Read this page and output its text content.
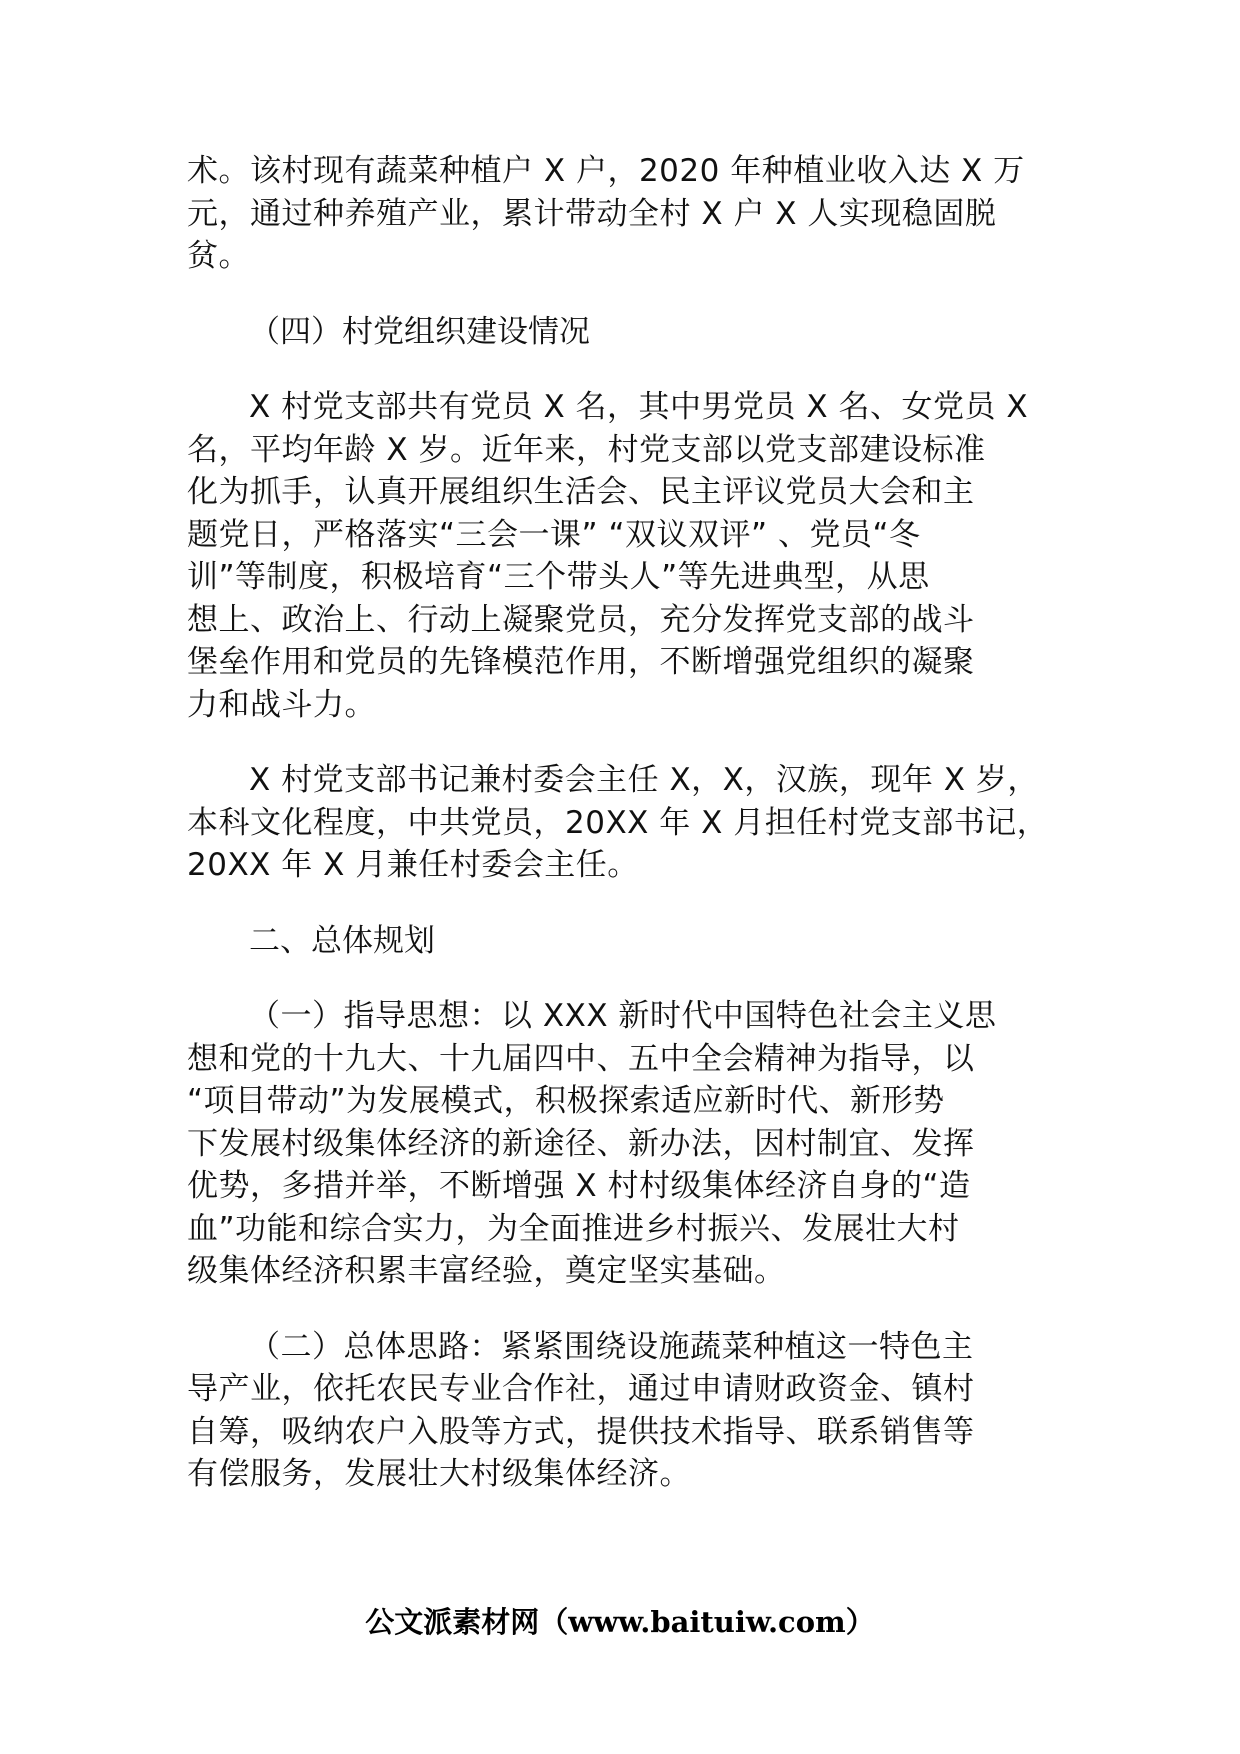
术。该村现有蔬菜种植户 X 户，2020 年种植业收入达 X 万
元，通过种养殖产业，累计带动全村 X 户 X 人实现稳固脱
贫。
（四）村党组织建设情况
X 村党支部共有党员 X 名，其中男党员 X 名、女党员 X
名，平均年龄 X 岁。近年来，村党支部以党支部建设标准
化为抓手，认真开展组织生活会、民主评议党员大会和主
题党日，严格落实“三会一课” “双议双评” 、党员“冬
训”等制度，积极培育“三个带头人”等先进典型，从思
想上、政治上、行动上凝聚党员，充分发挥党支部的战斗
堡垒作用和党员的先锋模范作用，不断增强党组织的凝聚
力和战斗力。
X 村党支部书记兼村委会主任 X，X，汉族，现年 X 岁，
本科文化程度，中共党员，20XX 年 X 月担任村党支部书记，
20XX 年 X 月兼任村委会主任。
二、总体规划
（一）指导思想：以 XXX 新时代中国特色社会主义思
想和党的十九大、十九届四中、五中全会精神为指导，以
“项目带动”为发展模式，积极探索适应新时代、新形势
下发展村级集体经济的新途径、新办法，因村制宜、发挥
优势，多措并举，不断增强 X 村村级集体经济自身的“造
血”功能和综合实力，为全面推进乡村振兴、发展壮大村
级集体经济积累丰富经验，奠定坚实基础。
（二）总体思路：紧紧围绕设施蔬菜种植这一特色主
导产业，依托农民专业合作社，通过申请财政资金、镇村
自筹，吸纳农户入股等方式，提供技术指导、联系销售等
有偿服务，发展壮大村级集体经济。
公文派素材网（www.baituiw.com）
